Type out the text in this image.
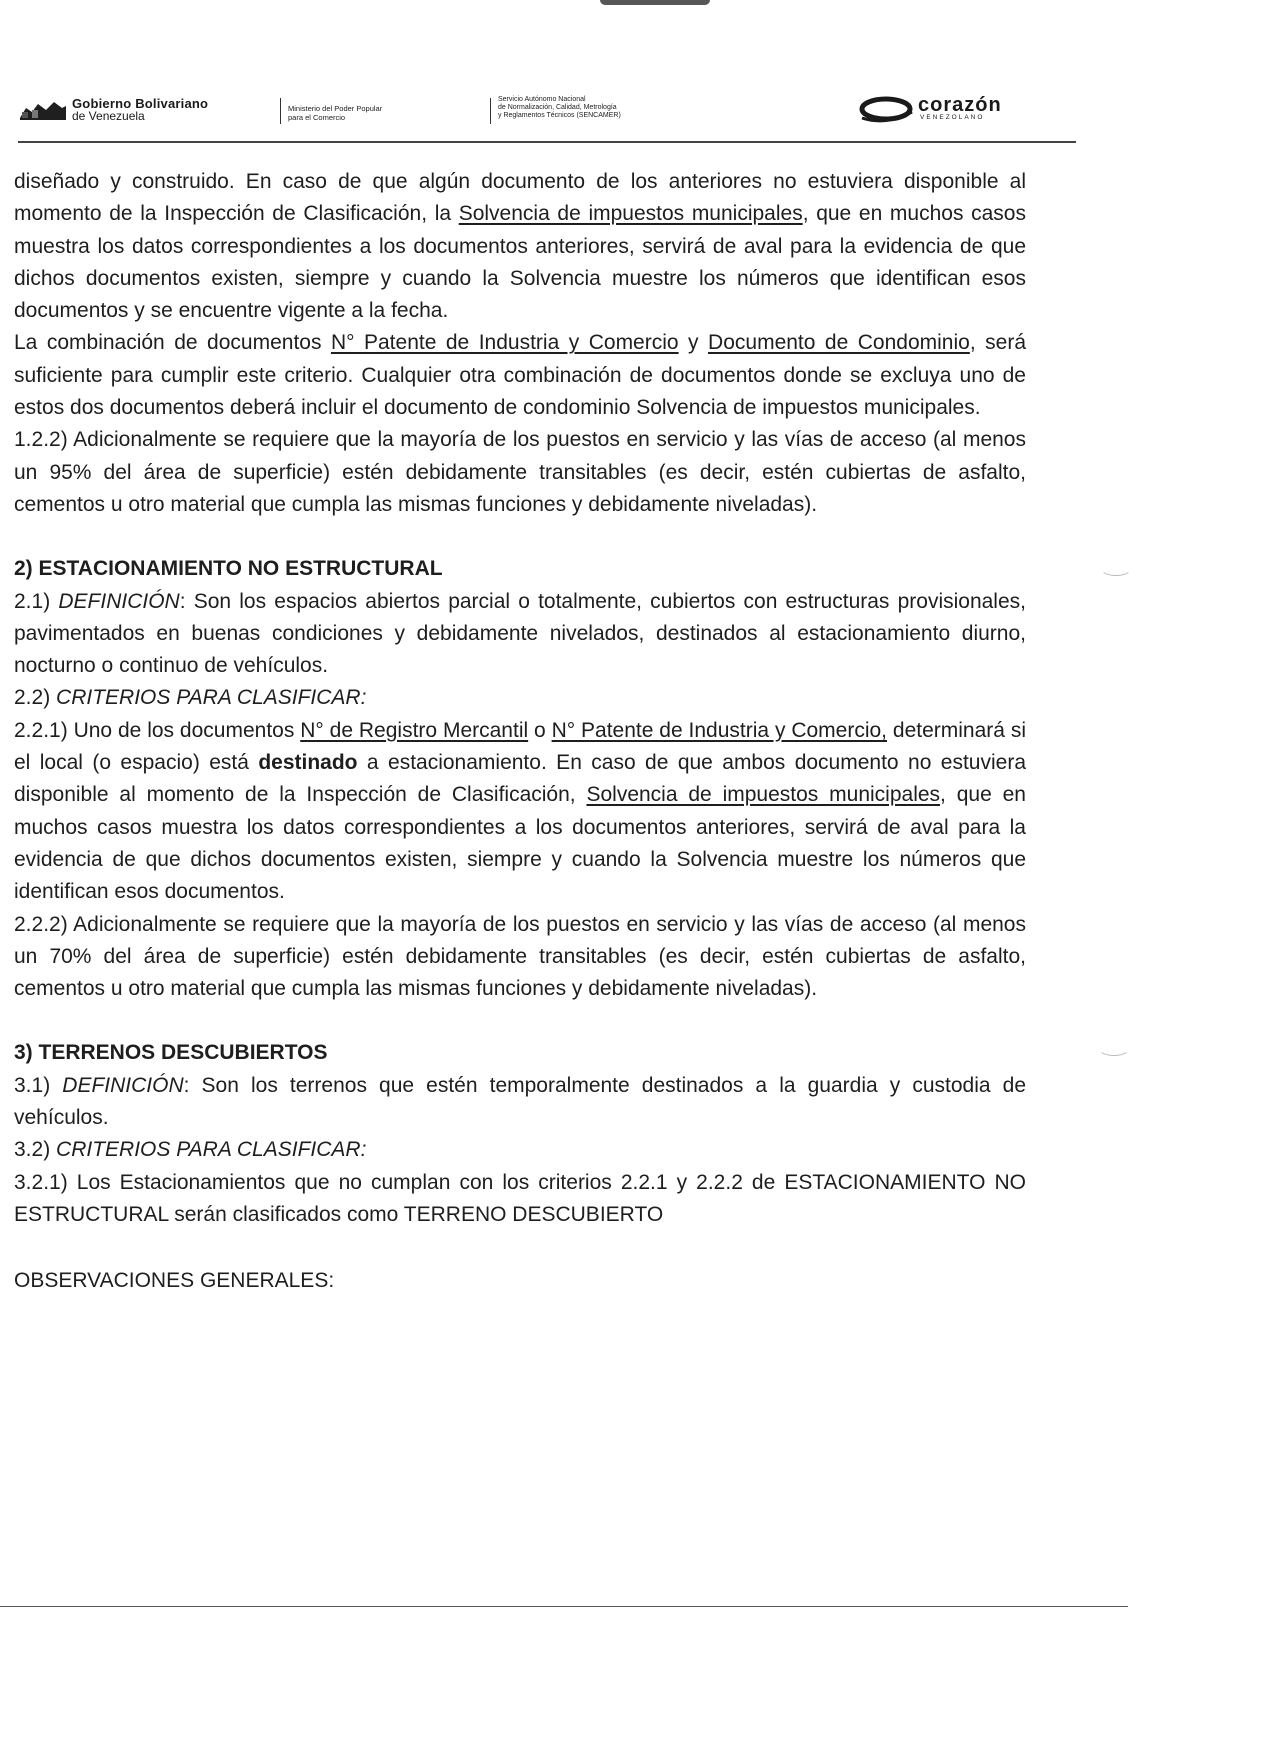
Gobierno Bolivariano
de Venezuela
Ministerio del Poder Popular
para el Comercio
Servicio Autónomo Nacional
de Normalización, Calidad, Metrología
y Reglamentos Técnicos (SENCAMER)	corazón
VENEZOLANO

diseñado y construido. En caso de que algún documento de los anteriores no estuviera disponible al momento de la Inspección de Clasificación, la Solvencia de impuestos municipales, que en muchos casos muestra los datos correspondientes a los documentos anteriores, servirá de aval para la evidencia de que dichos documentos existen, siempre y cuando la Solvencia muestre los números que identifican esos documentos y se encuentre vigente a la fecha.

La combinación de documentos N° Patente de Industria y Comercio y Documento de Condominio, será suficiente para cumplir este criterio. Cualquier otra combinación de documentos donde se excluya uno de estos dos documentos deberá incluir el documento de condominio Solvencia de impuestos municipales.

1.2.2) Adicionalmente se requiere que la mayoría de los puestos en servicio y las vías de acceso (al menos un 95% del área de superficie) estén debidamente transitables (es decir, estén cubiertas de asfalto, cementos u otro material que cumpla las mismas funciones y debidamente niveladas).

2) ESTACIONAMIENTO NO ESTRUCTURAL

2.1) DEFINICIÓN: Son los espacios abiertos parcial o totalmente, cubiertos con estructuras provisionales, pavimentados en buenas condiciones y debidamente nivelados, destinados al estacionamiento diurno, nocturno o continuo de vehículos.

2.2) CRITERIOS PARA CLASIFICAR:

2.2.1) Uno de los documentos N° de Registro Mercantil o N° Patente de Industria y Comercio, determinará si el local (o espacio) está destinado a estacionamiento. En caso de que ambos documento no estuviera disponible al momento de la Inspección de Clasificación, Solvencia de impuestos municipales, que en muchos casos muestra los datos correspondientes a los documentos anteriores, servirá de aval para la evidencia de que dichos documentos existen, siempre y cuando la Solvencia muestre los números que identifican esos documentos.

2.2.2) Adicionalmente se requiere que la mayoría de los puestos en servicio y las vías de acceso (al menos un 70% del área de superficie) estén debidamente transitables (es decir, estén cubiertas de asfalto, cementos u otro material que cumpla las mismas funciones y debidamente niveladas).

3) TERRENOS DESCUBIERTOS

3.1) DEFINICIÓN: Son los terrenos que estén temporalmente destinados a la guardia y custodia de vehículos.

3.2) CRITERIOS PARA CLASIFICAR:

3.2.1) Los Estacionamientos que no cumplan con los criterios 2.2.1 y 2.2.2 de ESTACIONAMIENTO NO ESTRUCTURAL serán clasificados como TERRENO DESCUBIERTO

OBSERVACIONES GENERALES:
